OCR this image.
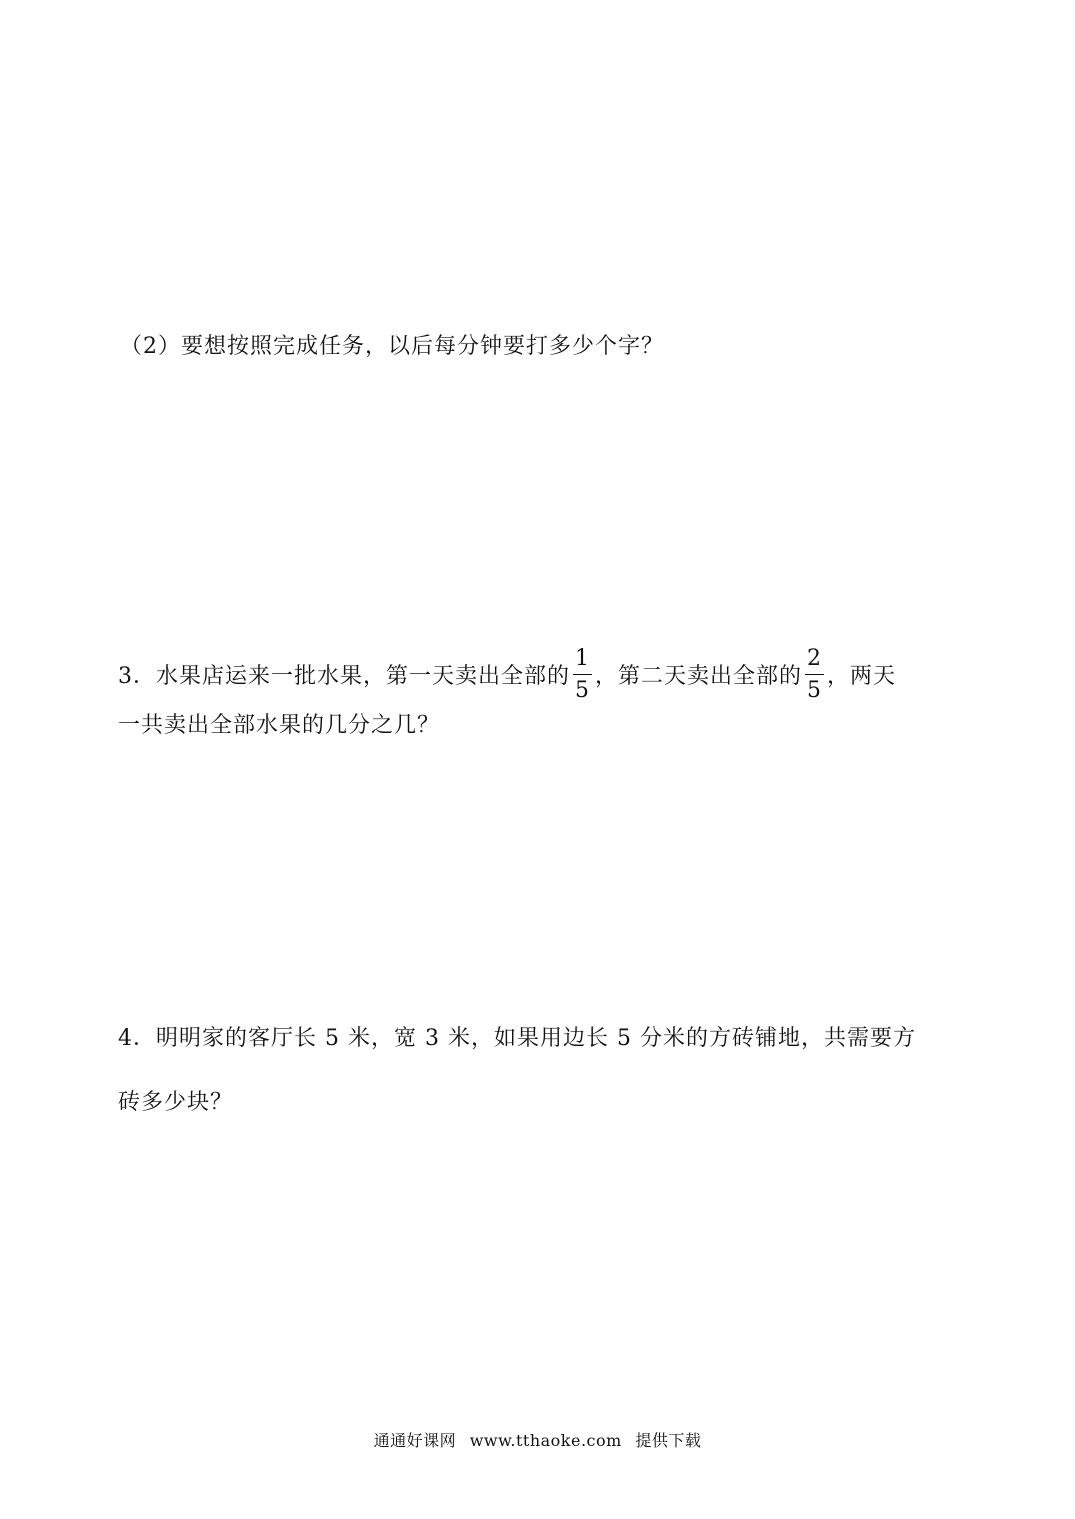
（2）要想按照完成任务，以后每分钟要打多少个字？
3．水果店运来一批水果，第一天卖出全部的 $\frac{1}{5}$ ，第二天卖出全部的 $\frac{2}{5}$ ，两天
一共卖出全部水果的几分之几？
4．明明家的客厅长 5 米，宽 3 米，如果用边长 5 分米的方砖铺地，共需要方
砖多少块？
通通好课网 www.tthaoke.com 提供下载
